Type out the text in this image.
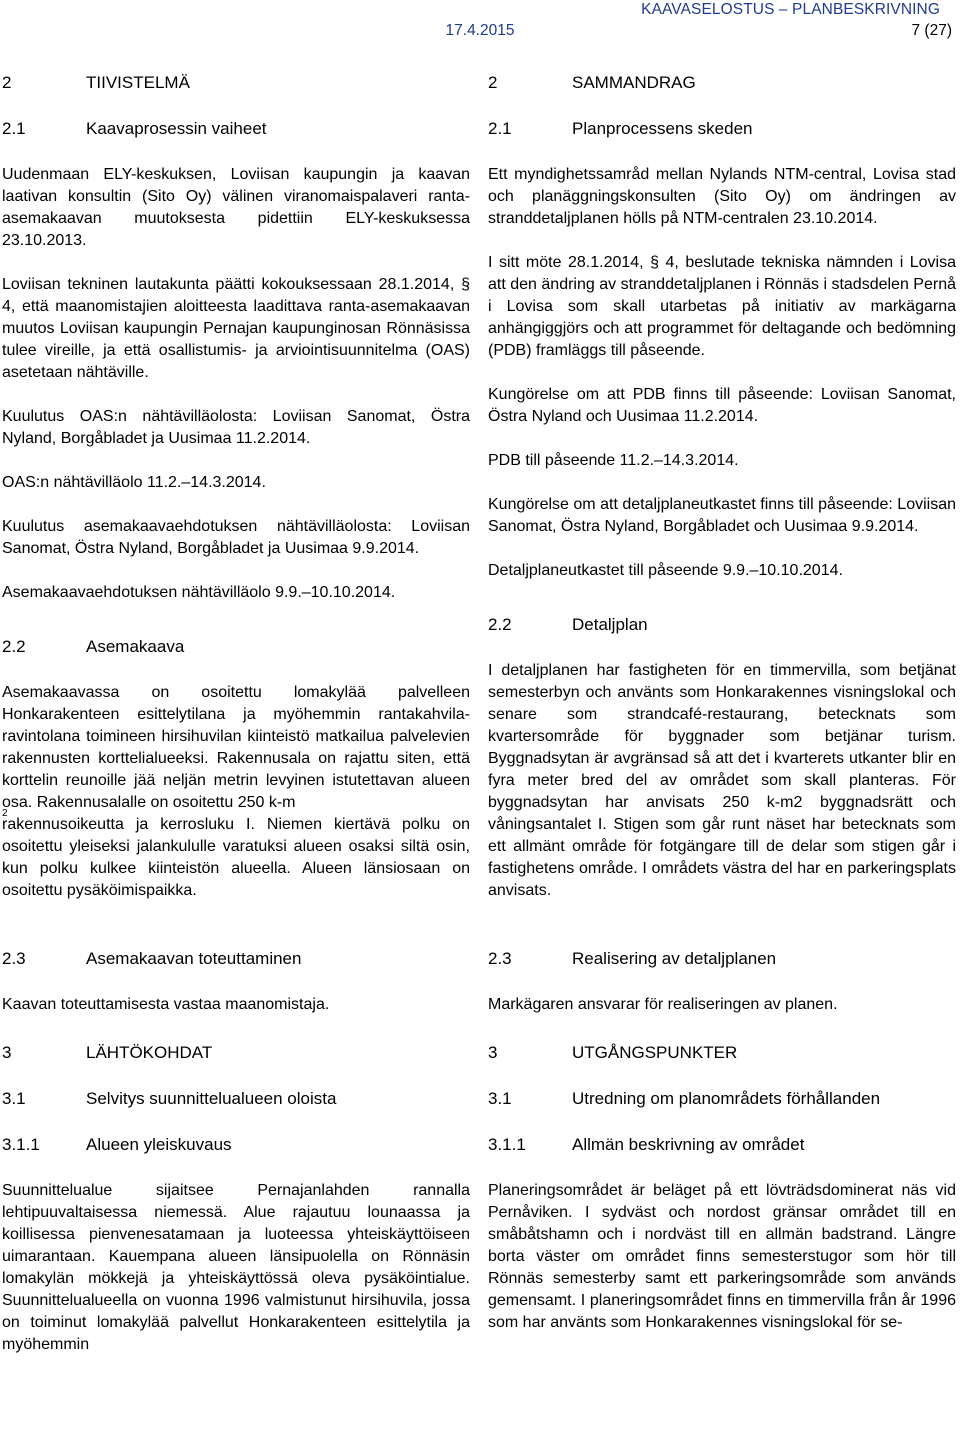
KAAVASELOSTUS – PLANBESKRIVNING
17.4.2015	7 (27)
2	TIIVISTELMÄ
2.1	Kaavaprosessin vaiheet

Uudenmaan ELY-keskuksen, Loviisan kaupungin ja kaavan laativan konsultin (Sito Oy) välinen viranomaispalaveri ranta-asemakaavan muutoksesta pidettiin ELY-keskuksessa 23.10.2013.

Loviisan tekninen lautakunta päätti kokouksessaan 28.1.2014, § 4, että maanomistajien aloitteesta laadittava ranta-asemakaavan muutos Loviisan kaupungin Pernajan kaupunginosan Rönnäsissa tulee vireille, ja että osallistumis- ja arviointisuunnitelma (OAS) asetetaan nähtäville.

Kuulutus OAS:n nähtävilläolosta: Loviisan Sanomat, Östra Nyland, Borgåbladet ja Uusimaa 11.2.2014.

OAS:n nähtävilläolo 11.2.–14.3.2014.

Kuulutus asemakaavaehdotuksen nähtävilläolosta: Loviisan Sanomat, Östra Nyland, Borgåbladet ja Uusimaa 9.9.2014.

Asemakaavaehdotuksen nähtävilläolo 9.9.–10.10.2014.

2.2	Asemakaava

Asemakaavassa on osoitettu lomakylää palvelleen Honkarakenteen esittelytilana ja myöhemmin rantakahvila-ravintolana toimineen hirsihuvilan kiinteistö matkailua palvelevien rakennusten korttelialueeksi. Rakennusala on rajattu siten, että korttelin reunoille jää neljän metrin levyinen istutettavan alueen osa. Rakennusalalle on osoitettu 250 k-m
2
rakennusoikeutta ja kerrosluku I. Niemen kiertävä polku on osoitettu yleiseksi jalankululle varatuksi alueen osaksi siltä osin, kun polku kulkee kiinteistön alueella. Alueen länsiosaan on osoitettu pysäköimispaikka.

2.3	Asemakaavan toteuttaminen

Kaavan toteuttamisesta vastaa maanomistaja.

3	LÄHTÖKOHDAT
3.1	Selvitys suunnittelualueen oloista
3.1.1	Alueen yleiskuvaus

Suunnittelualue sijaitsee Pernajanlahden rannalla lehtipuuvaltaisessa niemessä. Alue rajautuu lounaassa ja koillisessa pienvenesatamaan ja luoteessa yhteiskäyttöiseen uimarantaan. Kauempana alueen länsipuolella on Rönnäsin lomakylän mökkejä ja yhteiskäyttössä oleva pysäköintialue. Suunnittelualueella on vuonna 1996 valmistunut hirsihuvila, jossa on toiminut lomakylää palvellut Honkarakenteen esittelytila ja myöhemmin

2	SAMMANDRAG
2.1	Planprocessens skeden

Ett myndighetssamråd mellan Nylands NTM-central, Lovisa stad och planäggningskonsulten (Sito Oy) om ändringen av stranddetaljplanen hölls på NTM-centralen 23.10.2014.

I sitt möte 28.1.2014, § 4, beslutade tekniska nämnden i Lovisa att den ändring av stranddetaljplanen i Rönnäs i stadsdelen Pernå i Lovisa som skall utarbetas på initiativ av markägarna anhängiggjörs och att programmet för deltagande och bedömning (PDB) framläggs till påseende.

Kungörelse om att PDB finns till påseende: Loviisan Sanomat, Östra Nyland och Uusimaa 11.2.2014.

PDB till påseende 11.2.–14.3.2014.

Kungörelse om att detaljplaneutkastet finns till påseende: Loviisan Sanomat, Östra Nyland, Borgåbladet och Uusimaa 9.9.2014.

Detaljplaneutkastet till påseende 9.9.–10.10.2014.

2.2	Detaljplan

I detaljplanen har fastigheten för en timmervilla, som betjänat semesterbyn och använts som Honkarakennes visningslokal och senare som strandcafé-restaurang, betecknats som kvartersområde för byggnader som betjänar turism. Byggnadsytan är avgränsad så att det i kvarterets utkanter blir en fyra meter bred del av området som skall planteras. För byggnadsytan har anvisats 250 k-m2 byggnadsrätt och våningsantalet I. Stigen som går runt näset har betecknats som ett allmänt område för fotgängare till de delar som stigen går i fastighetens område. I områdets västra del har en parkeringsplats anvisats.

2.3	Realisering av detaljplanen

Markägaren ansvarar för realiseringen av planen.

3	UTGÅNGSPUNKTER
3.1	Utredning om planområdets förhållanden
3.1.1	Allmän beskrivning av området

Planeringsområdet är beläget på ett lövträdsdominerat näs vid Pernåviken. I sydväst och nordost gränsar området till en småbåtshamn och i nordväst till en allmän badstrand. Längre borta väster om området finns semesterstugor som hör till Rönnäs semesterby samt ett parkeringsområde som används gemensamt. I planeringsområdet finns en timmervilla från år 1996 som har använts som Honkarakennes visningslokal för se-
